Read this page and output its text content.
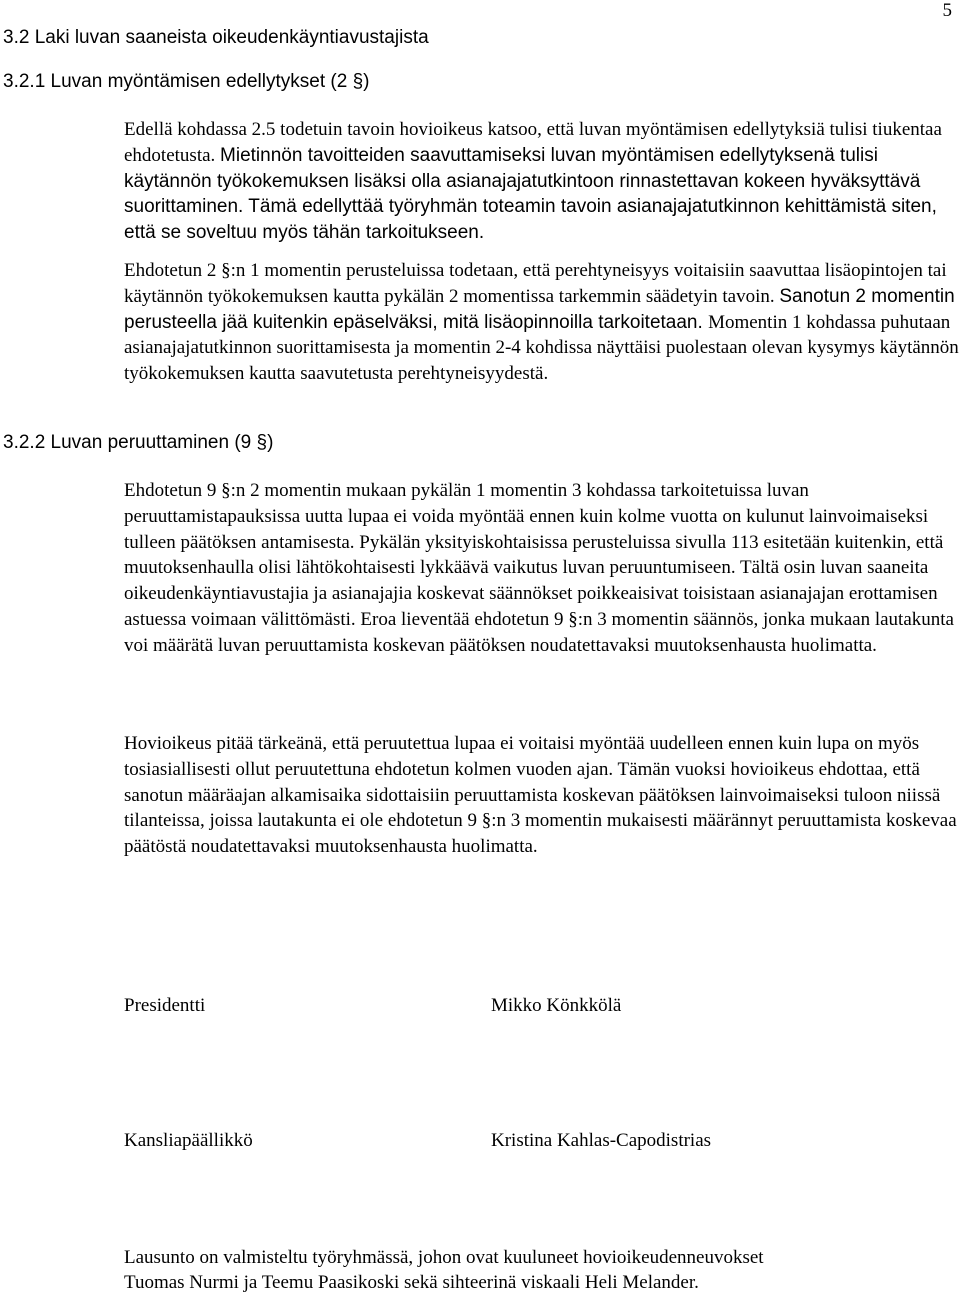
5
3.2 Laki luvan saaneista oikeudenkäyntiavustajista
3.2.1 Luvan myöntämisen edellytykset (2 §)

Edellä kohdassa 2.5 todetuin tavoin hovioikeus katsoo, että luvan myöntämisen edellytyksiä tulisi tiukentaa ehdotetusta. Mietinnön tavoitteiden saavuttamiseksi luvan myöntämisen edellytyksenä tulisi käytännön työkokemuksen lisäksi olla asianajajatutkintoon rinnastettavan kokeen hyväksyttävä suorittaminen. Tämä edellyttää työryhmän toteamin tavoin asianajajatutkinnon kehittämistä siten, että se soveltuu myös tähän tarkoitukseen.

Ehdotetun 2 §:n 1 momentin perusteluissa todetaan, että perehtyneisyys voitaisiin saavuttaa lisäopintojen tai käytännön työkokemuksen kautta pykälän 2 momentissa tarkemmin säädetyin tavoin. Sanotun 2 momentin perusteella jää kuitenkin epäselväksi, mitä lisäopinnoilla tarkoitetaan. Momentin 1 kohdassa puhutaan asianajajatutkinnon suorittamisesta ja momentin 2-4 kohdissa näyttäisi puolestaan olevan kysymys käytännön työkokemuksen kautta saavutetusta perehtyneisyydestä.

3.2.2 Luvan peruuttaminen (9 §)

Ehdotetun 9 §:n 2 momentin mukaan pykälän 1 momentin 3 kohdassa tarkoitetuissa luvan peruuttamistapauksissa uutta lupaa ei voida myöntää ennen kuin kolme vuotta on kulunut lainvoimaiseksi tulleen päätöksen antamisesta. Pykälän yksityiskohtaisissa perusteluissa sivulla 113 esitetään kuitenkin, että muutoksenhaulla olisi lähtökohtaisesti lykkäävä vaikutus luvan peruuntumiseen. Tältä osin luvan saaneita oikeudenkäyntiavustajia ja asianajajia koskevat säännökset poikkeaisivat toisistaan asianajajan erottamisen astuessa voimaan välittömästi. Eroa lieventää ehdotetun 9 §:n 3 momentin säännös, jonka mukaan lautakunta voi määrätä luvan peruuttamista koskevan päätöksen noudatettavaksi muutoksenhausta huolimatta.

Hovioikeus pitää tärkeänä, että peruutettua lupaa ei voitaisi myöntää uudelleen ennen kuin lupa on myös tosiasiallisesti ollut peruutettuna ehdotetun kolmen vuoden ajan. Tämän vuoksi hovioikeus ehdottaa, että sanotun määräajan alkamisaika sidottaisiin peruuttamista koskevan päätöksen lainvoimaiseksi tuloon niissä tilanteissa, joissa lautakunta ei ole ehdotetun 9 §:n 3 momentin mukaisesti määrännyt peruuttamista koskevaa päätöstä noudatettavaksi muutoksenhausta huolimatta.

Presidentti	Mikko Könkkölä
Kansliapäällikkö	Kristina Kahlas-Capodistrias
Lausunto on valmisteltu työryhmässä, johon ovat kuuluneet hovioikeudenneuvokset
Tuomas Nurmi ja Teemu Paasikoski sekä sihteerinä viskaali Heli Melander.
